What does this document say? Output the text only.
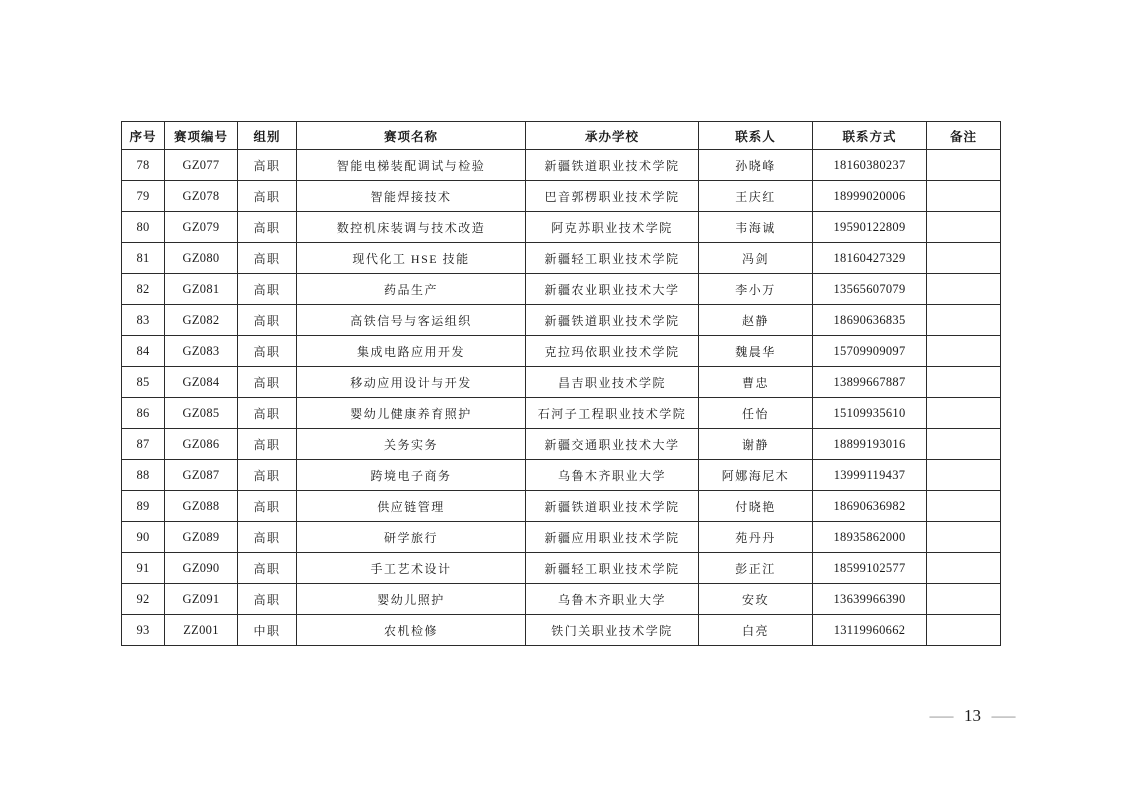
序号	赛项编号	组别	赛项名称	承办学校	联系人	联系方式	备注
78	GZ077	高职	智能电梯装配调试与检验	新疆铁道职业技术学院	孙晓峰	18160380237	
79	GZ078	高职	智能焊接技术	巴音郭楞职业技术学院	王庆红	18999020006	
80	GZ079	高职	数控机床装调与技术改造	阿克苏职业技术学院	韦海诚	19590122809	
81	GZ080	高职	现代化工 HSE 技能	新疆轻工职业技术学院	冯剑	18160427329	
82	GZ081	高职	药品生产	新疆农业职业技术大学	李小万	13565607079	
83	GZ082	高职	高铁信号与客运组织	新疆铁道职业技术学院	赵静	18690636835	
84	GZ083	高职	集成电路应用开发	克拉玛依职业技术学院	魏晨华	15709909097	
85	GZ084	高职	移动应用设计与开发	昌吉职业技术学院	曹忠	13899667887	
86	GZ085	高职	婴幼儿健康养育照护	石河子工程职业技术学院	任怡	15109935610	
87	GZ086	高职	关务实务	新疆交通职业技术大学	谢静	18899193016	
88	GZ087	高职	跨境电子商务	乌鲁木齐职业大学	阿娜海尼木	13999119437	
89	GZ088	高职	供应链管理	新疆铁道职业技术学院	付晓艳	18690636982	
90	GZ089	高职	研学旅行	新疆应用职业技术学院	苑丹丹	18935862000	
91	GZ090	高职	手工艺术设计	新疆轻工职业技术学院	彭正江	18599102577	
92	GZ091	高职	婴幼儿照护	乌鲁木齐职业大学	安玫	13639966390	
93	ZZ001	中职	农机检修	铁门关职业技术学院	白亮	13119960662	
— 13 —
